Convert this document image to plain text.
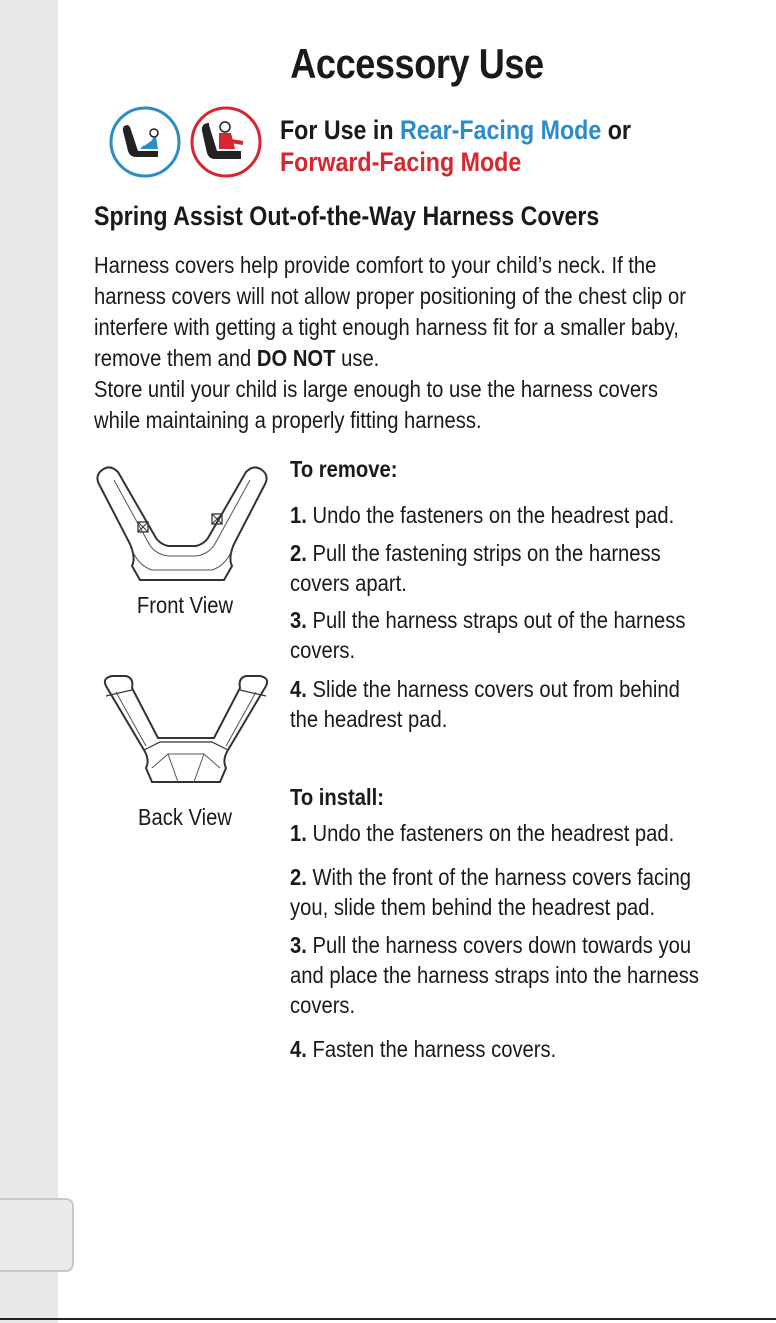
Accessory Use
For Use in Rear-Facing Mode or
Forward-Facing Mode
Spring Assist Out-of-the-Way Harness Covers
Harness covers help provide comfort to your child’s neck. If the
harness covers will not allow proper positioning of the chest clip or
interfere with getting a tight enough harness fit for a smaller baby,
remove them and DO NOT use.
Store until your child is large enough to use the harness covers
while maintaining a properly fitting harness.
Front View
Back View
To remove:
1. Undo the fasteners on the headrest pad.
2. Pull the fastening strips on the harness
covers apart.
3. Pull the harness straps out of the harness
covers.
4. Slide the harness covers out from behind
the headrest pad.
To install:
1. Undo the fasteners on the headrest pad.
2. With the front of the harness covers facing
you, slide them behind the headrest pad.
3. Pull the harness covers down towards you
and place the harness straps into the harness
covers.
4. Fasten the harness covers.
